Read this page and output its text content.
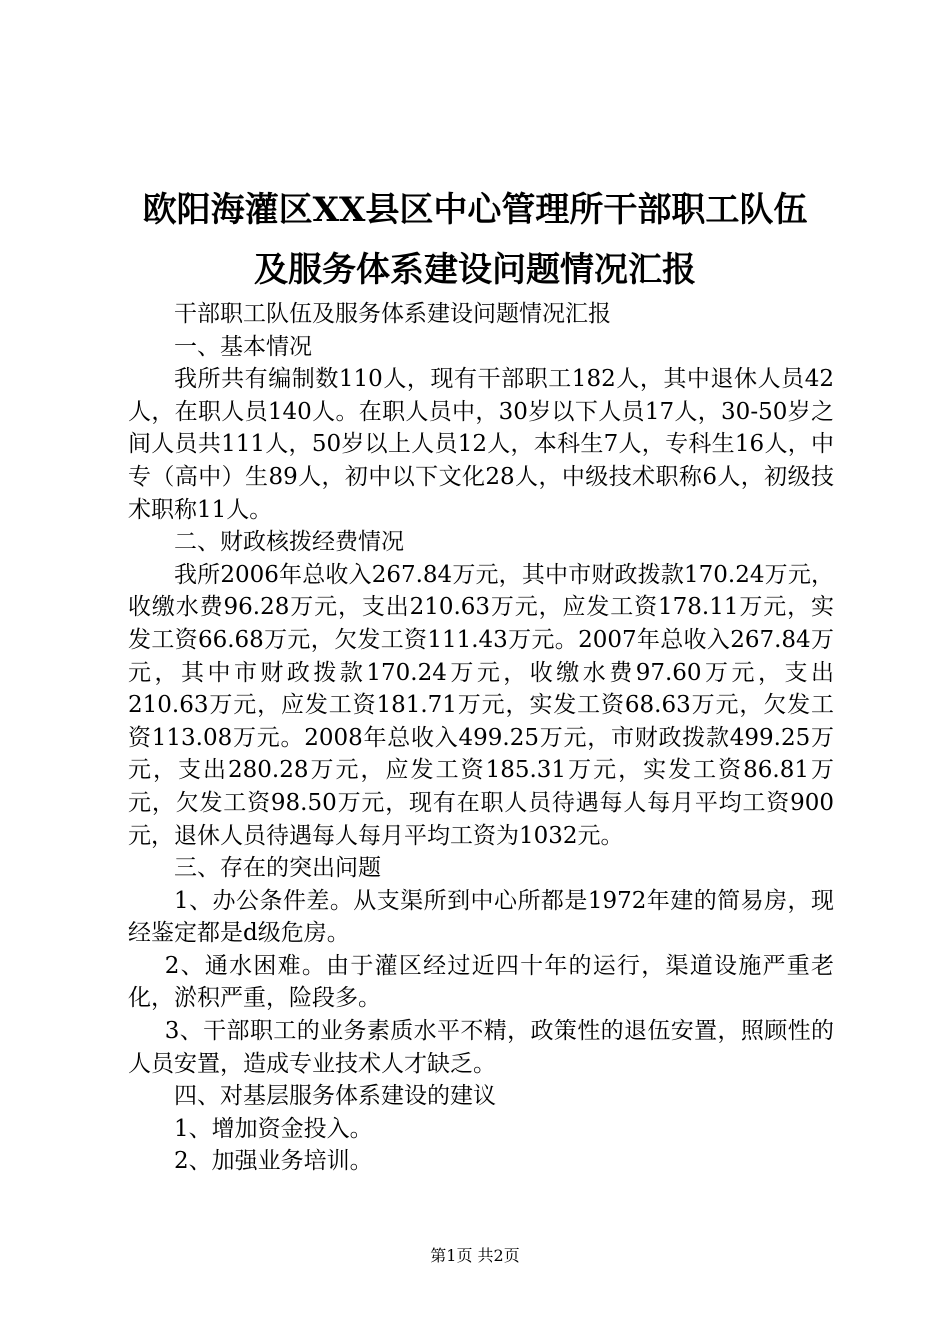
欧阳海灌区XX县区中心管理所干部职工队伍
及服务体系建设问题情况汇报

干部职工队伍及服务体系建设问题情况汇报

一、基本情况

我所共有编制数110人，现有干部职工182人，其中退休人员42人，在职人员140人。在职人员中，30岁以下人员17人，30-50岁之间人员共111人，50岁以上人员12人，本科生7人，专科生16人，中专（高中）生89人，初中以下文化28人，中级技术职称6人，初级技术职称11人。

二、财政核拨经费情况

我所2006年总收入267.84万元，其中市财政拨款170.24万元，收缴水费96.28万元，支出210.63万元，应发工资178.11万元，实发工资66.68万元，欠发工资111.43万元。2007年总收入267.84万元，其中市财政拨款170.24万元，收缴水费97.60万元，支出210.63万元，应发工资181.71万元，实发工资68.63万元，欠发工资113.08万元。2008年总收入499.25万元，市财政拨款499.25万元，支出280.28万元，应发工资185.31万元，实发工资86.81万元，欠发工资98.50万元，现有在职人员待遇每人每月平均工资900元，退休人员待遇每人每月平均工资为1032元。

三、存在的突出问题

1、办公条件差。从支渠所到中心所都是1972年建的简易房，现经鉴定都是d级危房。

2、通水困难。由于灌区经过近四十年的运行，渠道设施严重老化，淤积严重，险段多。

3、干部职工的业务素质水平不精，政策性的退伍安置，照顾性的人员安置，造成专业技术人才缺乏。

四、对基层服务体系建设的建议

1、增加资金投入。

2、加强业务培训。

第1页 共2页
